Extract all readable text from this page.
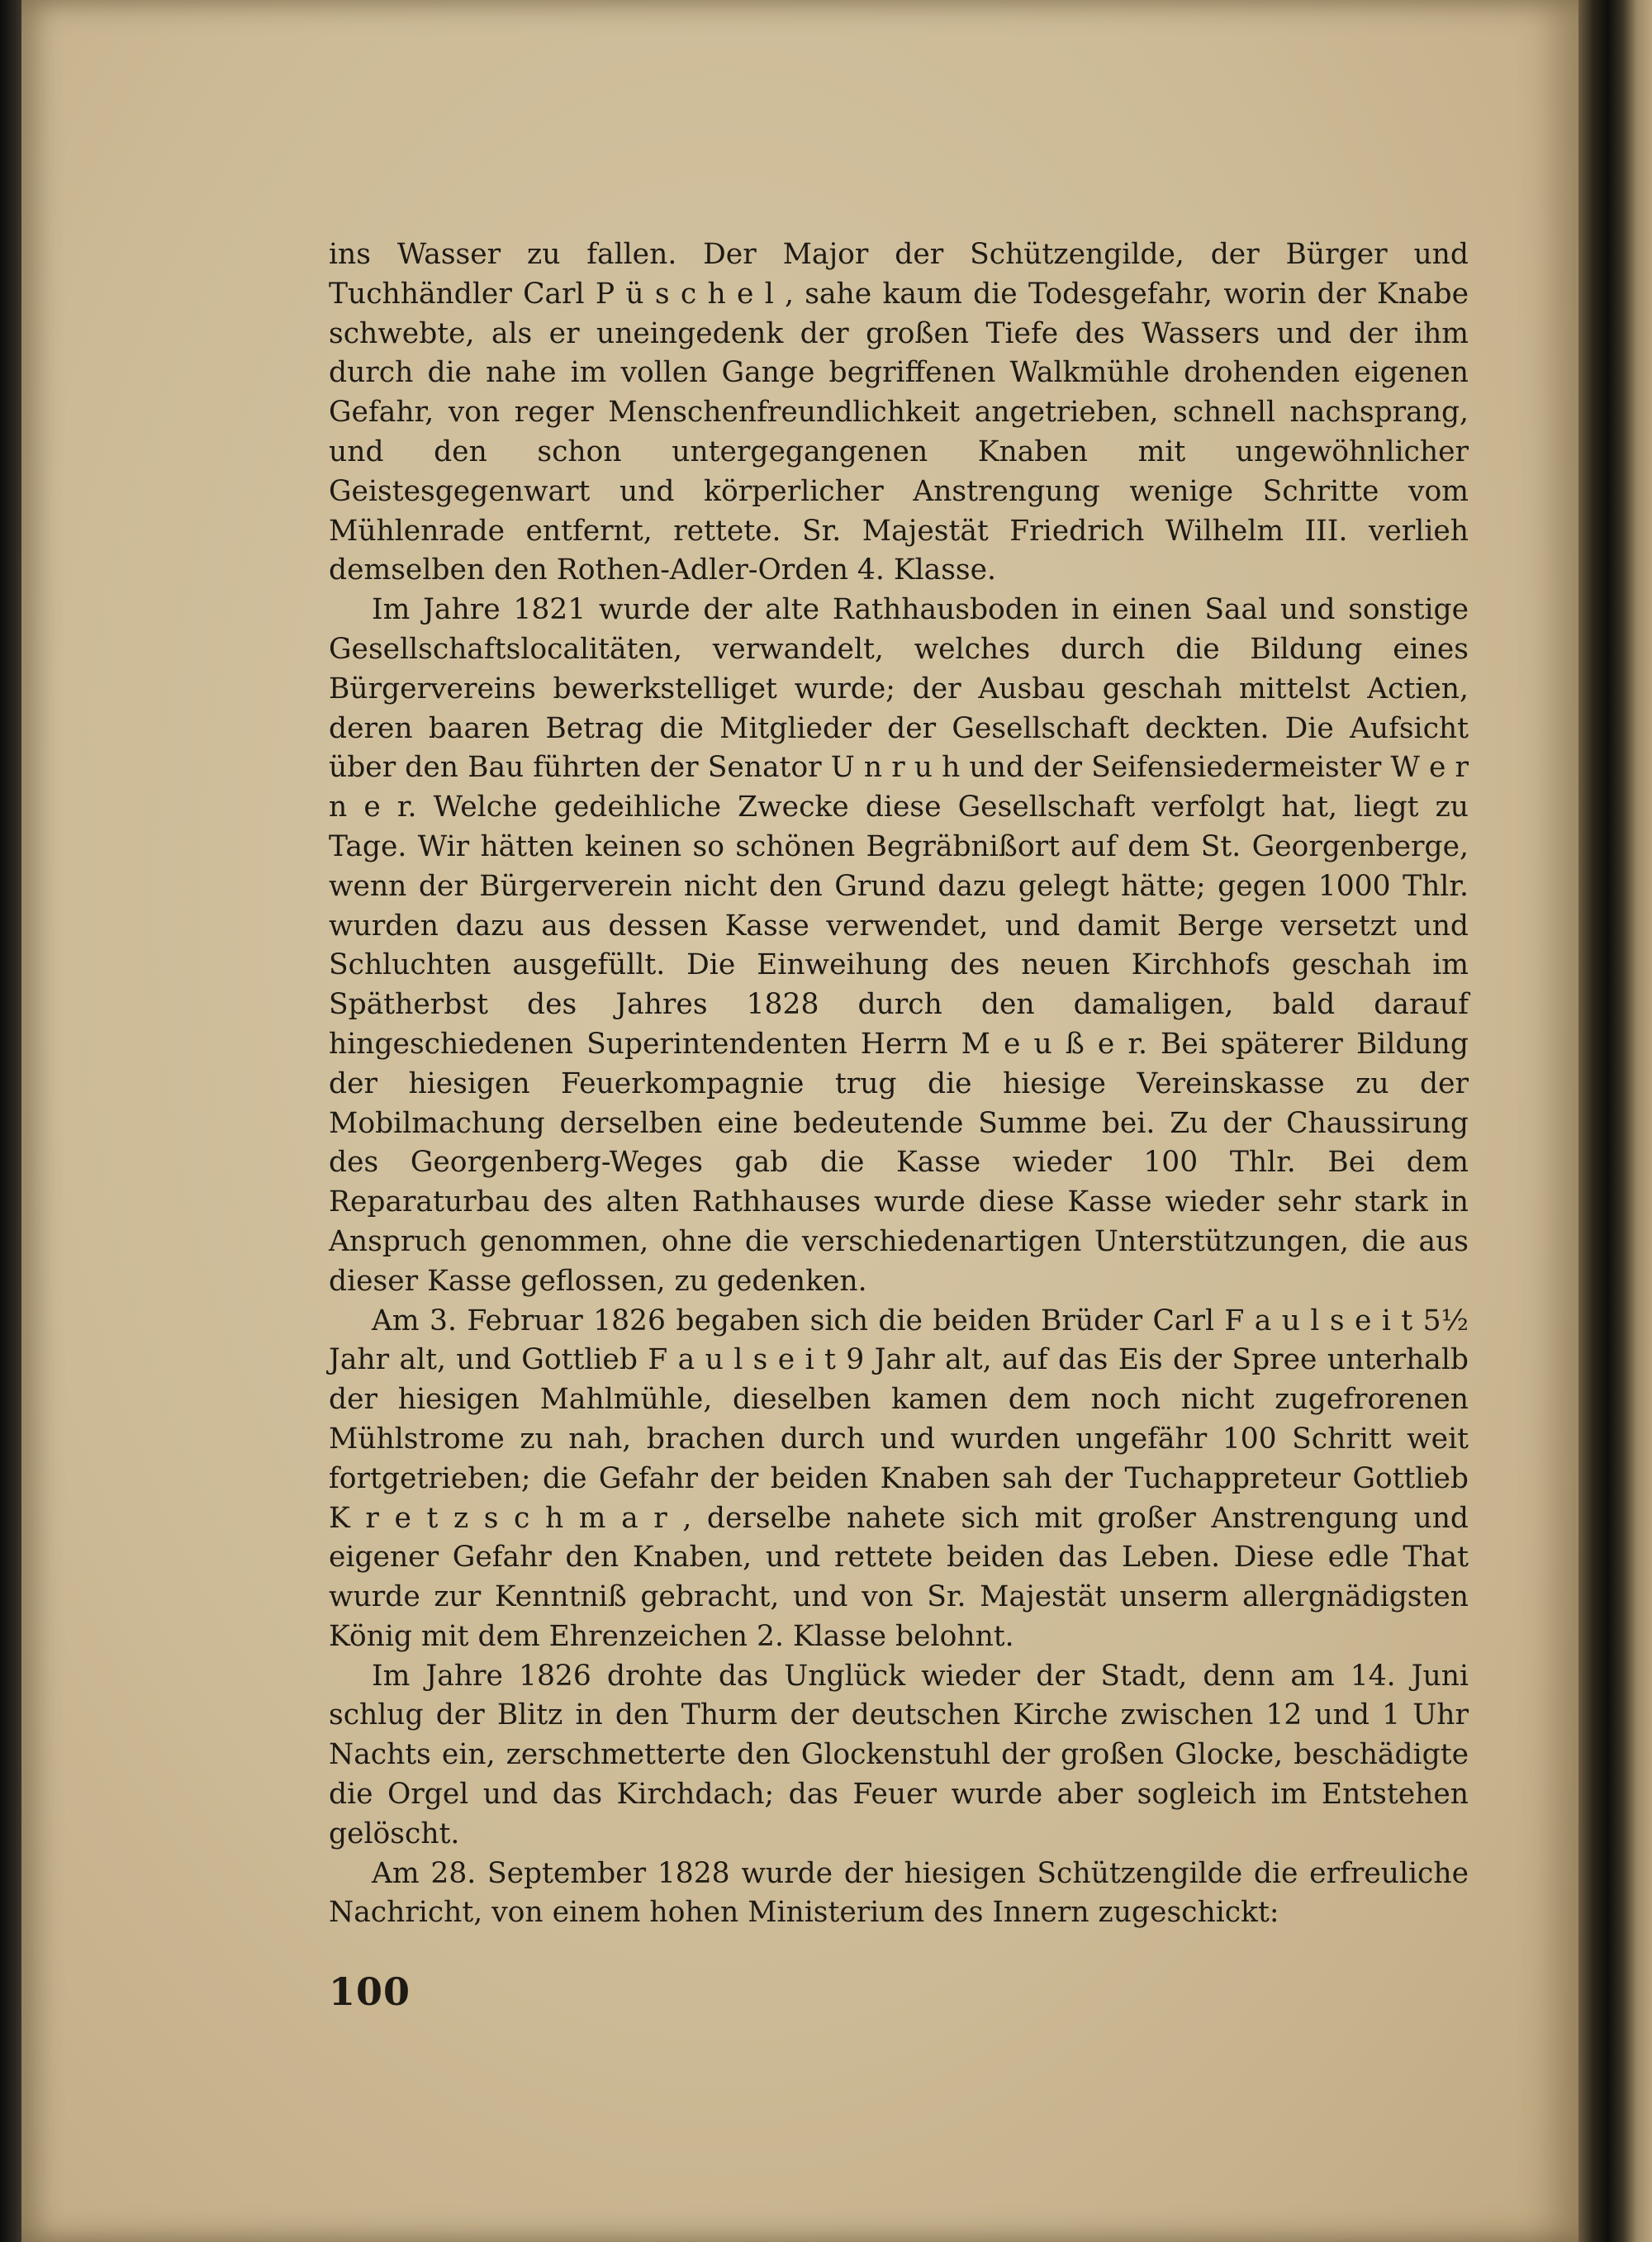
ins Wasser zu fallen. Der Major der Schützengilde, der Bürger und Tuchhändler Carl P ü s c h e l , sahe kaum die Todesgefahr, worin der Knabe schwebte, als er uneingedenk der großen Tiefe des Wassers und der ihm durch die nahe im vollen Gange begriffenen Walkmühle drohenden eigenen Gefahr, von reger Menschenfreundlichkeit angetrieben, schnell nachsprang, und den schon untergegangenen Knaben mit ungewöhnlicher Geistesgegenwart und körperlicher Anstrengung wenige Schritte vom Mühlenrade entfernt, rettete. Sr. Majestät Friedrich Wilhelm III. verlieh demselben den Rothen-Adler-Orden 4. Klasse.

Im Jahre 1821 wurde der alte Rathhausboden in einen Saal und sonstige Gesellschaftslocalitäten, verwandelt, welches durch die Bildung eines Bürgervereins bewerkstelliget wurde; der Ausbau geschah mittelst Actien, deren baaren Betrag die Mitglieder der Gesellschaft deckten. Die Aufsicht über den Bau führten der Senator U n r u h und der Seifensiedermeister W e r n e r. Welche gedeihliche Zwecke diese Gesellschaft verfolgt hat, liegt zu Tage. Wir hätten keinen so schönen Begräbnißort auf dem St. Georgenberge, wenn der Bürgerverein nicht den Grund dazu gelegt hätte; gegen 1000 Thlr. wurden dazu aus dessen Kasse verwendet, und damit Berge versetzt und Schluchten ausgefüllt. Die Einweihung des neuen Kirchhofs geschah im Spätherbst des Jahres 1828 durch den damaligen, bald darauf hingeschiedenen Superintendenten Herrn M e u ß e r. Bei späterer Bildung der hiesigen Feuerkompagnie trug die hiesige Vereinskasse zu der Mobilmachung derselben eine bedeutende Summe bei. Zu der Chaussirung des Georgenberg-Weges gab die Kasse wieder 100 Thlr. Bei dem Reparaturbau des alten Rathhauses wurde diese Kasse wieder sehr stark in Anspruch genommen, ohne die verschiedenartigen Unterstützungen, die aus dieser Kasse geflossen, zu gedenken.

Am 3. Februar 1826 begaben sich die beiden Brüder Carl F a u l s e i t 5½ Jahr alt, und Gottlieb F a u l s e i t 9 Jahr alt, auf das Eis der Spree unterhalb der hiesigen Mahlmühle, dieselben kamen dem noch nicht zugefrorenen Mühlstrome zu nah, brachen durch und wurden ungefähr 100 Schritt weit fortgetrieben; die Gefahr der beiden Knaben sah der Tuchappreteur Gottlieb K r e t z s c h m a r , derselbe nahete sich mit großer Anstrengung und eigener Gefahr den Knaben, und rettete beiden das Leben. Diese edle That wurde zur Kenntniß gebracht, und von Sr. Majestät unserm allergnädigsten König mit dem Ehrenzeichen 2. Klasse belohnt.

Im Jahre 1826 drohte das Unglück wieder der Stadt, denn am 14. Juni schlug der Blitz in den Thurm der deutschen Kirche zwischen 12 und 1 Uhr Nachts ein, zerschmetterte den Glockenstuhl der großen Glocke, beschädigte die Orgel und das Kirchdach; das Feuer wurde aber sogleich im Entstehen gelöscht.

Am 28. September 1828 wurde der hiesigen Schützengilde die erfreuliche Nachricht, von einem hohen Ministerium des Innern zugeschickt:

100
